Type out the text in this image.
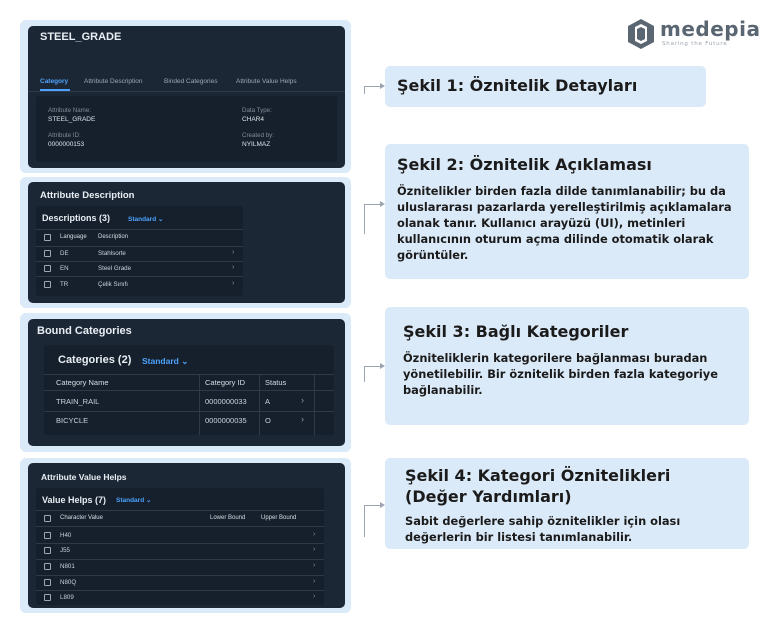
medepia
Sharing the Future
STEEL_GRADE
Category Attribute Description	Binded Categories	Attribute Value Helps
Attribute Name:
STEEL_GRADE
Data Type:
CHAR4
Attribute ID:
0000000153
Created by:
NYILMAZ
Attribute Description
Descriptions (3)	Standard ⌄
Language Description
DE	Stahlsorte	›
EN	Steel Grade	›
TR	Çelik Sınıfı	›
Bound Categories
Categories (2) Standard ⌄
Category Name	Category ID	Status
TRAIN_RAIL	0000000033 A	›
BICYCLE	0000000035 O	›
Attribute Value Helps
Value Helps (7) Standard ⌄
Character Value	Lower Bound	Upper Bound
H40	›
J55	›
N801	›
N80Q	›
L809	›
Şekil 1: Öznitelik Detayları
Şekil 2: Öznitelik Açıklaması

Öznitelikler birden fazla dilde tanımlanabilir; bu da uluslararası pazarlarda yerelleştirilmiş açıklamalara olanak tanır. Kullanıcı arayüzü (UI), metinleri kullanıcının oturum açma dilinde otomatik olarak görüntüler.

Şekil 3: Bağlı Kategoriler

Özniteliklerin kategorilere bağlanması buradan yönetilebilir. Bir öznitelik birden fazla kategoriye bağlanabilir.

Şekil 4: Kategori Öznitelikleri (Değer Yardımları)

Sabit değerlere sahip öznitelikler için olası değerlerin bir listesi tanımlanabilir.
